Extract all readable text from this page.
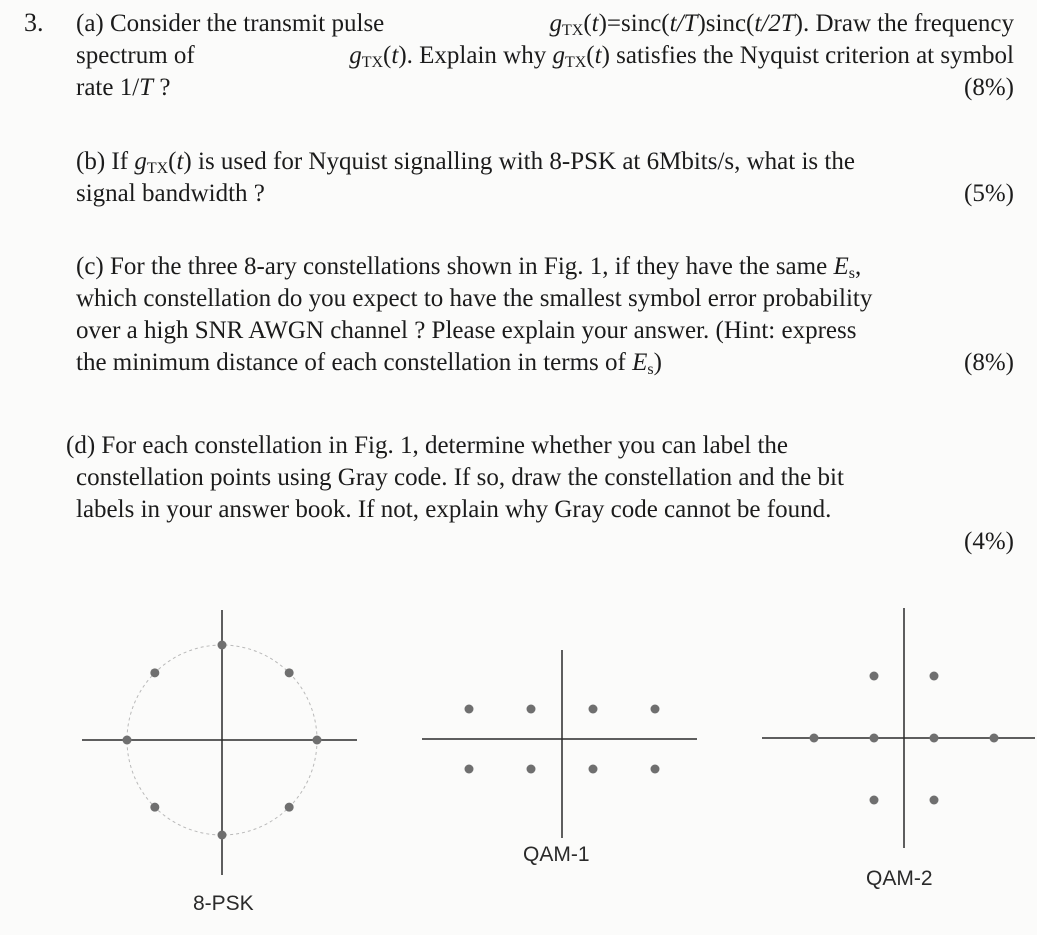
3. (a) Consider the transmit pulse	$g_{TX}(t)=\sin c(t/T)\sin c(t/2T)$. Draw the frequency
spectrum of	$g_{TX}(t)$. Explain why $g_{TX}(t)$ satisfies the Nyquist criterion at symbol
rate 1/T ?	(8%)
(b) If $g_{TX}(t)$ is used for Nyquist signalling with 8-PSK at 6Mbits/s, what is the
signal bandwidth ?	(5%)
(c) For the three 8-ary constellations shown in Fig. 1, if they have the same $E_s$,
which constellation do you expect to have the smallest symbol error probability
over a high SNR AWGN channel ? Please explain your answer. (Hint: express
the minimum distance of each constellation in terms of $E_s$)	(8%)
(d) For each constellation in Fig. 1, determine whether you can label the
constellation points using Gray code. If so, draw the constellation and the bit
labels in your answer book. If not, explain why Gray code cannot be found.
(4%)
8-PSK
QAM-1
QAM-2
